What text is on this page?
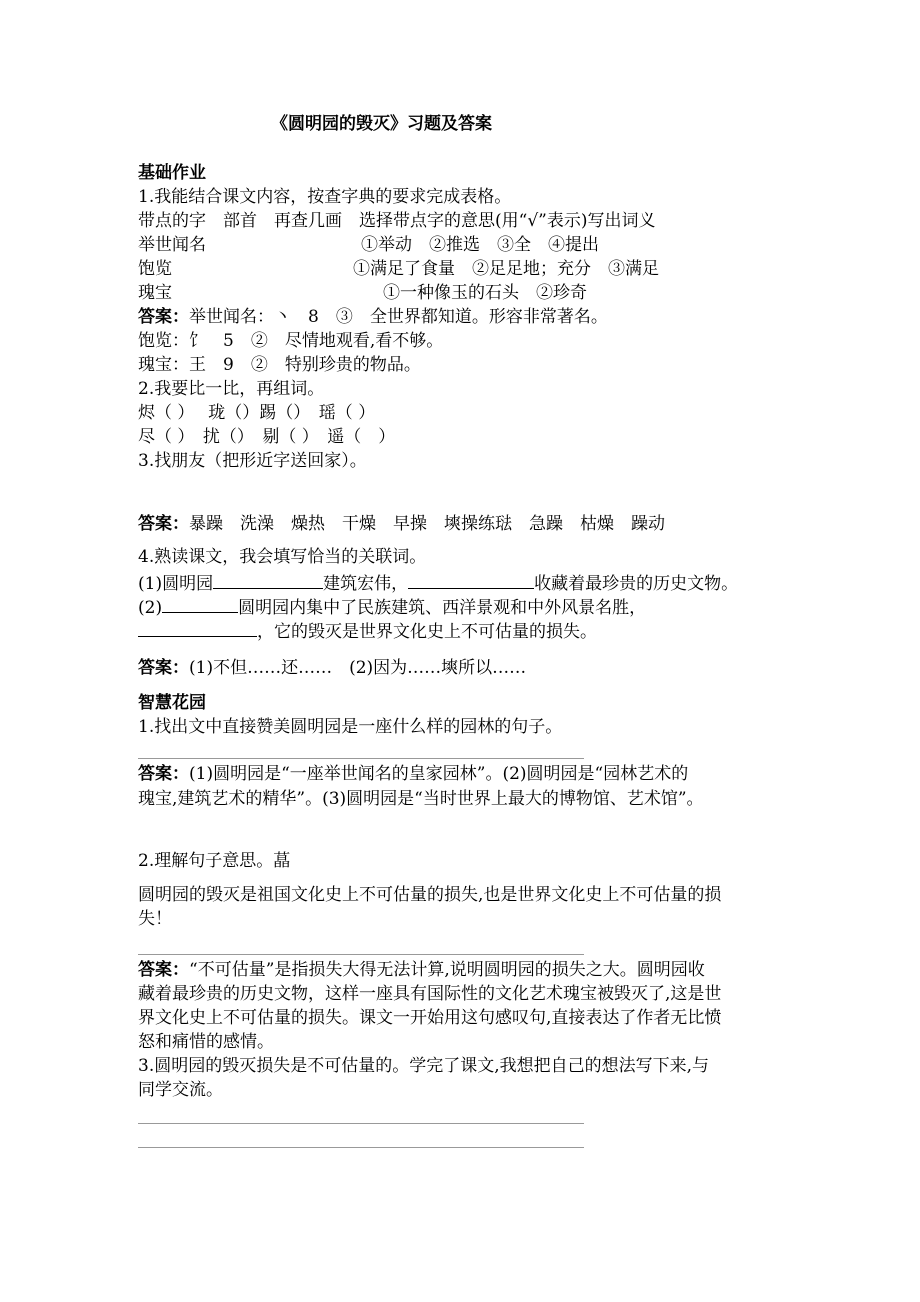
《圆明园的毁灭》习题及答案
基础作业
1.我能结合课文内容，按查字典的要求完成表格。
带点的字　部首　再查几画　选择带点字的意思(用“√”表示)写出词义
举世闻名	①举动　②推选　③全　④提出
饱览	①满足了食量　②足足地；充分　③满足
瑰宝	①一种像玉的石头　②珍奇
答案：举世闻名：丶　8　③　全世界都知道。形容非常著名。
饱览：饣　5　②　尽情地观看,看不够。
瑰宝：王　9　②　特别珍贵的物品。
2.我要比一比，再组词。
烬（ ）　 珑（）踢（）　瑶（ ）
尽（ ）　扰（）　剔（ ）　遥（　）
3.找朋友（把形近字送回家）。
答案：暴躁　洗澡　燥热　干燥　早操　塽操练琺　急躁　枯燥　躁动
4.熟读课文，我会填写恰当的关联词。
(1)圆明园	建筑宏伟，	收藏着最珍贵的历史文物。
(2)	圆明园内集中了民族建筑、西洋景观和中外风景名胜，
，它的毁灭是世界文化史上不可估量的损失。
答案：(1)不但……还……　(2)因为……塽所以……
智慧花园
1.找出文中直接赞美圆明园是一座什么样的园林的句子。
答案：(1)圆明园是“一座举世闻名的皇家园林”。(2)圆明园是“园林艺术的
瑰宝,建筑艺术的精华”。(3)圆明园是“当时世界上最大的博物馆、艺术馆”。
2.理解句子意思。蕌
圆明园的毁灭是祖国文化史上不可估量的损失,也是世界文化史上不可估量的损
失！
答案：“不可估量”是指损失大得无法计算,说明圆明园的损失之大。圆明园收
藏着最珍贵的历史文物，这样一座具有国际性的文化艺术瑰宝被毁灭了,这是世
界文化史上不可估量的损失。课文一开始用这句感叹句,直接表达了作者无比愤
怒和痛惜的感情。
3.圆明园的毁灭损失是不可估量的。学完了课文,我想把自己的想法写下来,与
同学交流。
